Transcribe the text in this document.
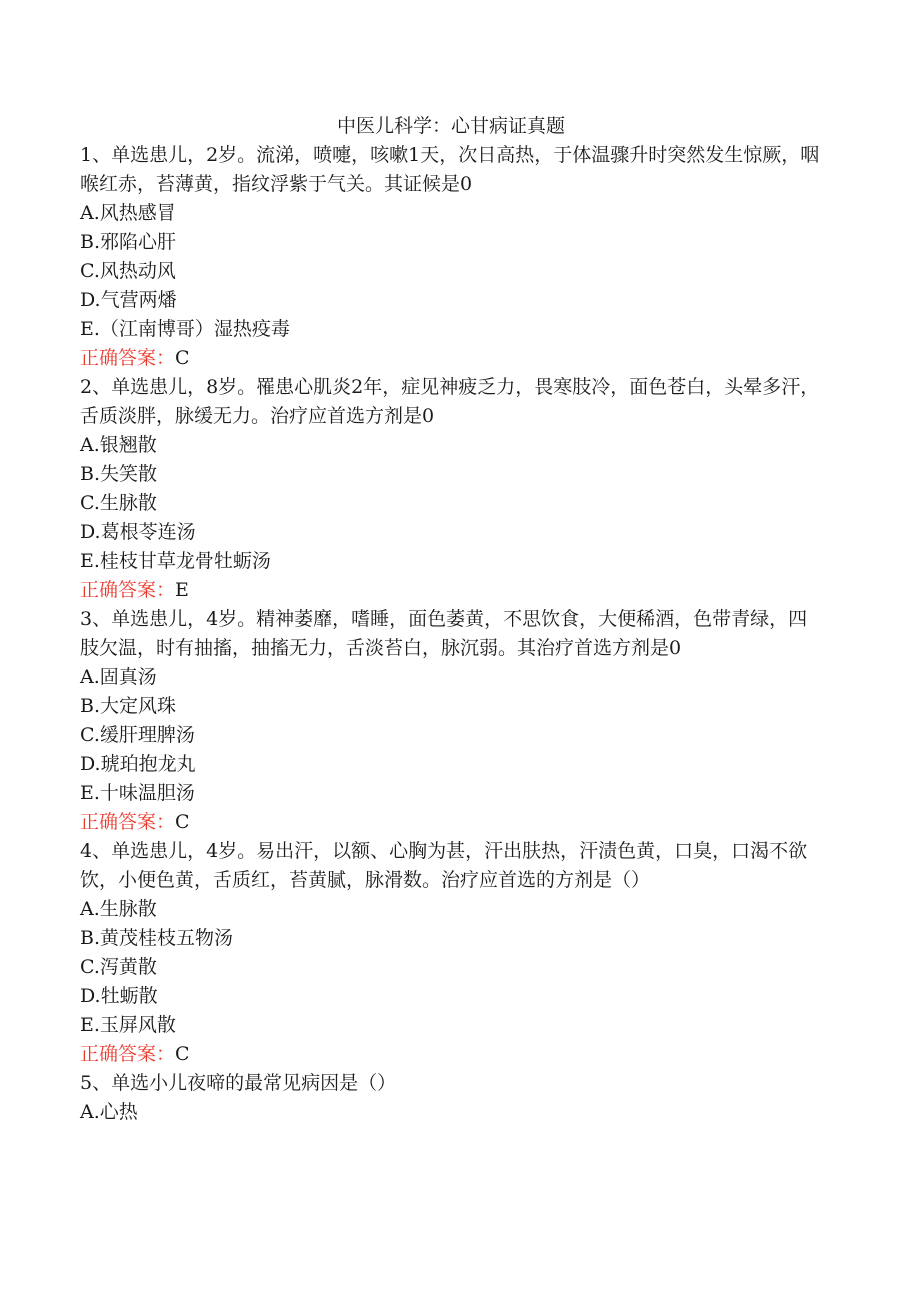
中医儿科学：心甘病证真题

1、单选患儿，2岁。流涕，喷嚏，咳嗽1天，次日高热，于体温骤升时突然发生惊厥，咽喉红赤，苔薄黄，指纹浮紫于气关。其证候是0

A.风热感冒
B.邪陷心肝
C.风热动风
D.气营两燔
E.（江南博哥）湿热疫毒
正确答案：C

2、单选患儿，8岁。罹患心肌炎2年，症见神疲乏力，畏寒肢冷，面色苍白，头晕多汗，舌质淡胖，脉缓无力。治疗应首选方剂是0

A.银翘散
B.失笑散
C.生脉散
D.葛根苓连汤
E.桂枝甘草龙骨牡蛎汤
正确答案：E

3、单选患儿，4岁。精神萎靡，嗜睡，面色萎黄，不思饮食，大便稀酒，色带青绿，四肢欠温，时有抽搐，抽搐无力，舌淡苔白，脉沉弱。其治疗首选方剂是0

A.固真汤
B.大定风珠
C.缓肝理脾汤
D.琥珀抱龙丸
E.十味温胆汤
正确答案：C

4、单选患儿，4岁。易出汗，以额、心胸为甚，汗出肤热，汗渍色黄，口臭，口渴不欲饮，小便色黄，舌质红，苔黄腻，脉滑数。治疗应首选的方剂是（）

A.生脉散
B.黄茂桂枝五物汤
C.泻黄散
D.牡蛎散
E.玉屏风散
正确答案：C

5、单选小儿夜啼的最常见病因是（）

A.心热
